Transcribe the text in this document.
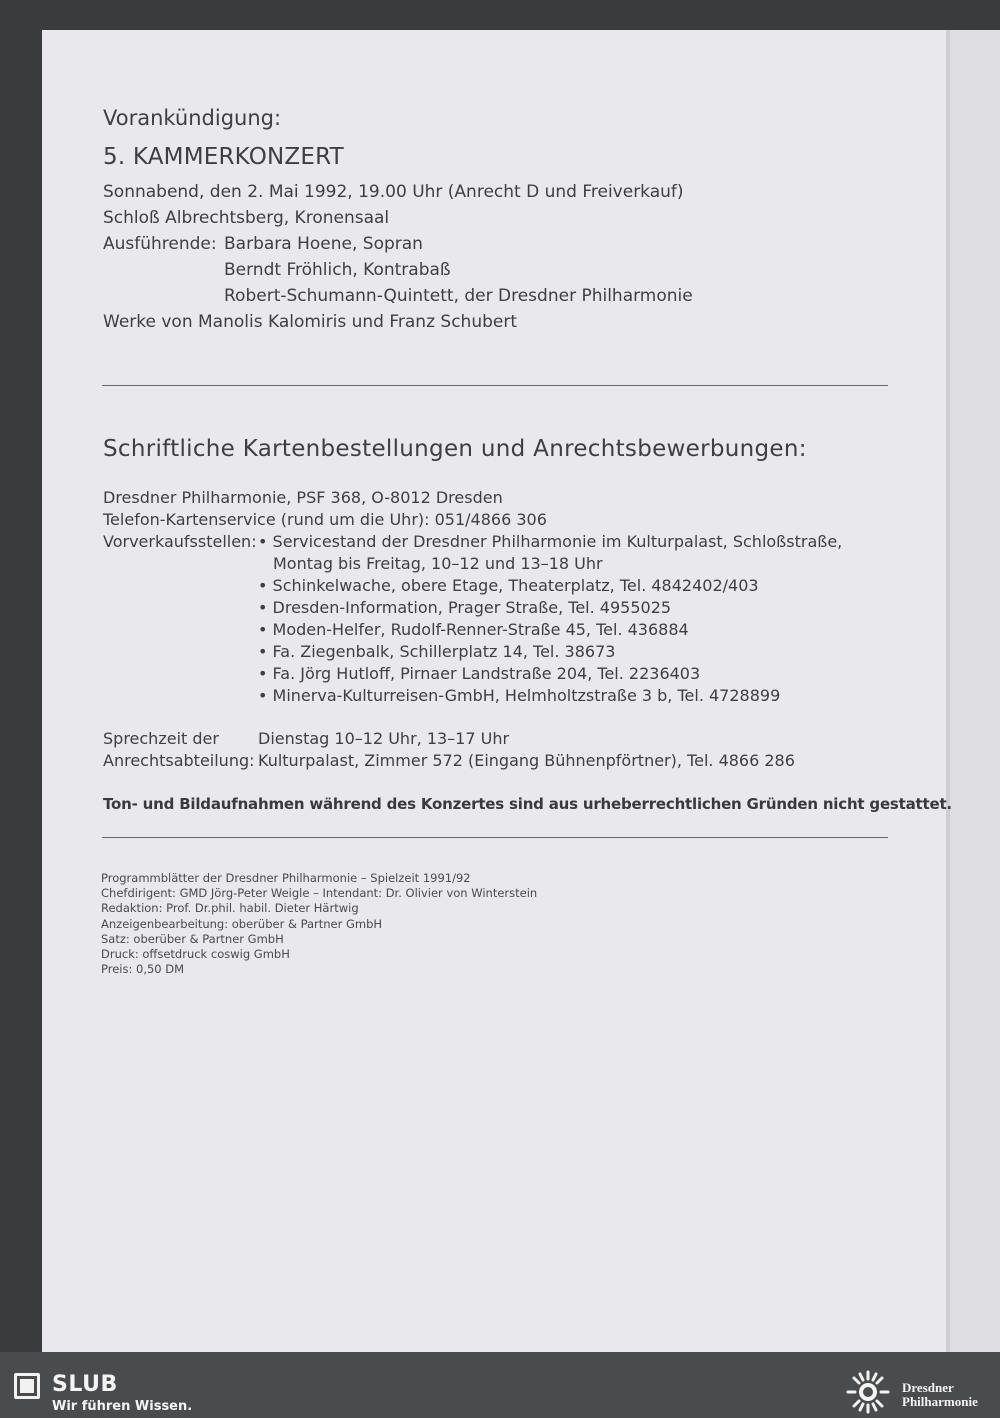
Vorankündigung:
5. KAMMERKONZERT
Sonnabend, den 2. Mai 1992, 19.00 Uhr (Anrecht D und Freiverkauf)
Schloß Albrechtsberg, Kronensaal
Ausführende: Barbara Hoene, Sopran
Berndt Fröhlich, Kontrabaß
Robert-Schumann-Quintett, der Dresdner Philharmonie
Werke von Manolis Kalomiris und Franz Schubert
Schriftliche Kartenbestellungen und Anrechtsbewerbungen:
Dresdner Philharmonie, PSF 368, O-8012 Dresden
Telefon-Kartenservice (rund um die Uhr): 051/4866 306
Vorverkaufsstellen:
• Servicestand der Dresdner Philharmonie im Kulturpalast, Schloßstraße,
Montag bis Freitag, 10–12 und 13–18 Uhr
• Schinkelwache, obere Etage, Theaterplatz, Tel. 4842402/403
• Dresden-Information, Prager Straße, Tel. 4955025
• Moden-Helfer, Rudolf-Renner-Straße 45, Tel. 436884
• Fa. Ziegenbalk, Schillerplatz 14, Tel. 38673
• Fa. Jörg Hutloff, Pirnaer Landstraße 204, Tel. 2236403
• Minerva-Kulturreisen-GmbH, Helmholtzstraße 3 b, Tel. 4728899
Sprechzeit der
Anrechtsabteilung:
Dienstag 10–12 Uhr, 13–17 Uhr
Kulturpalast, Zimmer 572 (Eingang Bühnenpförtner), Tel. 4866 286
Ton- und Bildaufnahmen während des Konzertes sind aus urheberrechtlichen Gründen nicht gestattet.
Programmblätter der Dresdner Philharmonie – Spielzeit 1991/92
Chefdirigent: GMD Jörg-Peter Weigle – Intendant: Dr. Olivier von Winterstein
Redaktion: Prof. Dr.phil. habil. Dieter Härtwig
Anzeigenbearbeitung: oberüber & Partner GmbH
Satz: oberüber & Partner GmbH
Druck: offsetdruck coswig GmbH
Preis: 0,50 DM
SLUB
Wir führen Wissen.
Dresdner
Philharmonie
